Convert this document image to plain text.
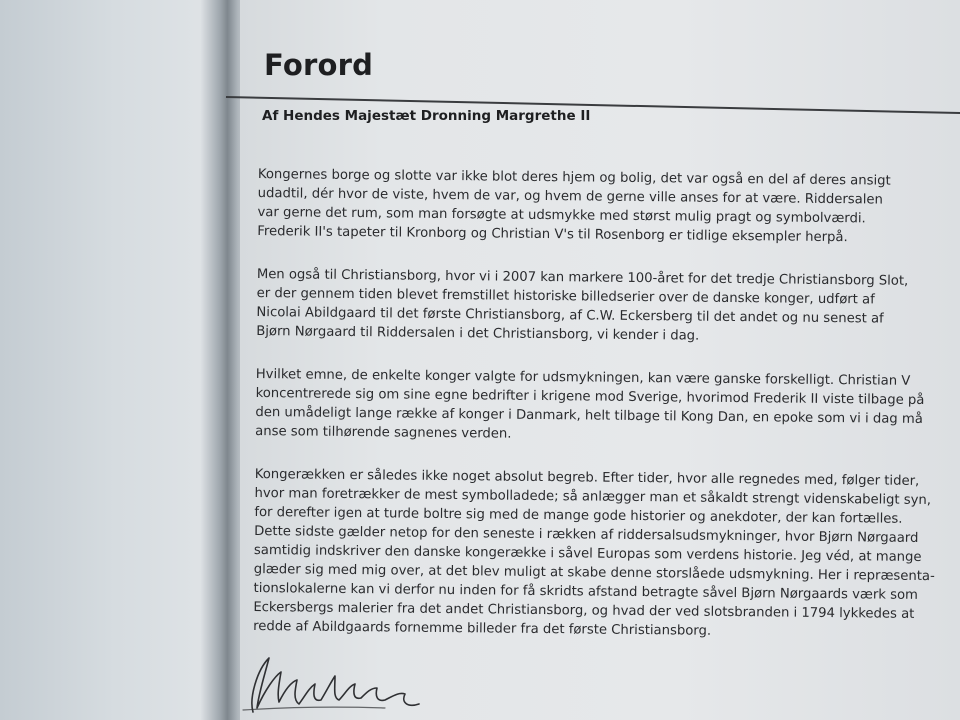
Forord

Af Hendes Majestæt Dronning Margrethe II

Kongernes borge og slotte var ikke blot deres hjem og bolig, det var også en del af deres ansigt
udadtil, dér hvor de viste, hvem de var, og hvem de gerne ville anses for at være. Riddersalen
var gerne det rum, som man forsøgte at udsmykke med størst mulig pragt og symbolværdi.
Frederik II's tapeter til Kronborg og Christian V's til Rosenborg er tidlige eksempler herpå.

Men også til Christiansborg, hvor vi i 2007 kan markere 100-året for det tredje Christiansborg Slot,
er der gennem tiden blevet fremstillet historiske billedserier over de danske konger, udført af
Nicolai Abildgaard til det første Christiansborg, af C.W. Eckersberg til det andet og nu senest af
Bjørn Nørgaard til Riddersalen i det Christiansborg, vi kender i dag.

Hvilket emne, de enkelte konger valgte for udsmykningen, kan være ganske forskelligt. Christian V
koncentrerede sig om sine egne bedrifter i krigene mod Sverige, hvorimod Frederik II viste tilbage på
den umådeligt lange række af konger i Danmark, helt tilbage til Kong Dan, en epoke som vi i dag må
anse som tilhørende sagnenes verden.

Kongerækken er således ikke noget absolut begreb. Efter tider, hvor alle regnedes med, følger tider,
hvor man foretrækker de mest symbolladede; så anlægger man et såkaldt strengt videnskabeligt syn,
for derefter igen at turde boltre sig med de mange gode historier og anekdoter, der kan fortælles.
Dette sidste gælder netop for den seneste i rækken af riddersalsudsmykninger, hvor Bjørn Nørgaard
samtidig indskriver den danske kongerække i såvel Europas som verdens historie. Jeg véd, at mange
glæder sig med mig over, at det blev muligt at skabe denne storslåede udsmykning. Her i repræsenta-
tionslokalerne kan vi derfor nu inden for få skridts afstand betragte såvel Bjørn Nørgaards værk som
Eckersbergs malerier fra det andet Christiansborg, og hvad der ved slotsbranden i 1794 lykkedes at
redde af Abildgaards fornemme billeder fra det første Christiansborg.
